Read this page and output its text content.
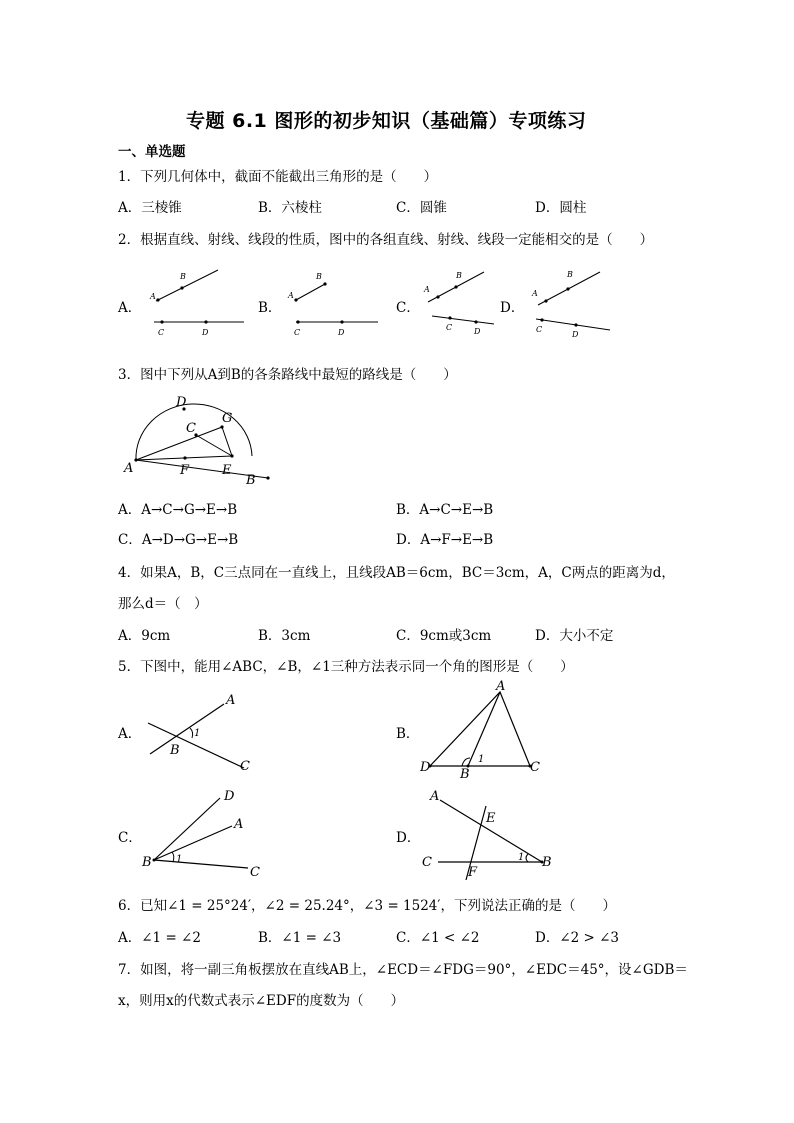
专题 6.1 图形的初步知识（基础篇）专项练习
一、单选题
1．下列几何体中，截面不能截出三角形的是（　　）
A．三棱锥	B．六棱柱	C．圆锥	D．圆柱
2．根据直线、射线、线段的性质，图中的各组直线、射线、线段一定能相交的是（　　）
A．
A
B
C	D
B．
A
B
C	D
C．
A
B
C	D
D．
A
B
C
D
3．图中下列从A到B的各条路线中最短的路线是（　　）
A
D
G
C
F	E
B
A．A→C→G→E→B	B．A→C→E→B
C．A→D→G→E→B	D．A→F→E→B
4．如果A，B，C三点同在一直线上，且线段AB＝6cm，BC＝3cm，A，C两点的距离为d，
那么d＝（　）
A．9cm	B．3cm	C．9cm或3cm	D．大小不定
5．下图中，能用∠ABC，∠B，∠1三种方法表示同一个角的图形是（　　）
A．
A
B
C
1	B．
A
D B	C
1
C．
D
A
B
C
1
D．
A
E
C
F
B
1
6．已知∠1 = 25°24′，∠2 = 25.24°，∠3 = 1524′，下列说法正确的是（　　）
A．∠1 = ∠2	B．∠1 = ∠3	C．∠1 < ∠2	D．∠2 > ∠3
7．如图，将一副三角板摆放在直线AB上，∠ECD＝∠FDG＝90°，∠EDC＝45°，设∠GDB＝
x，则用x的代数式表示∠EDF的度数为（　　）
